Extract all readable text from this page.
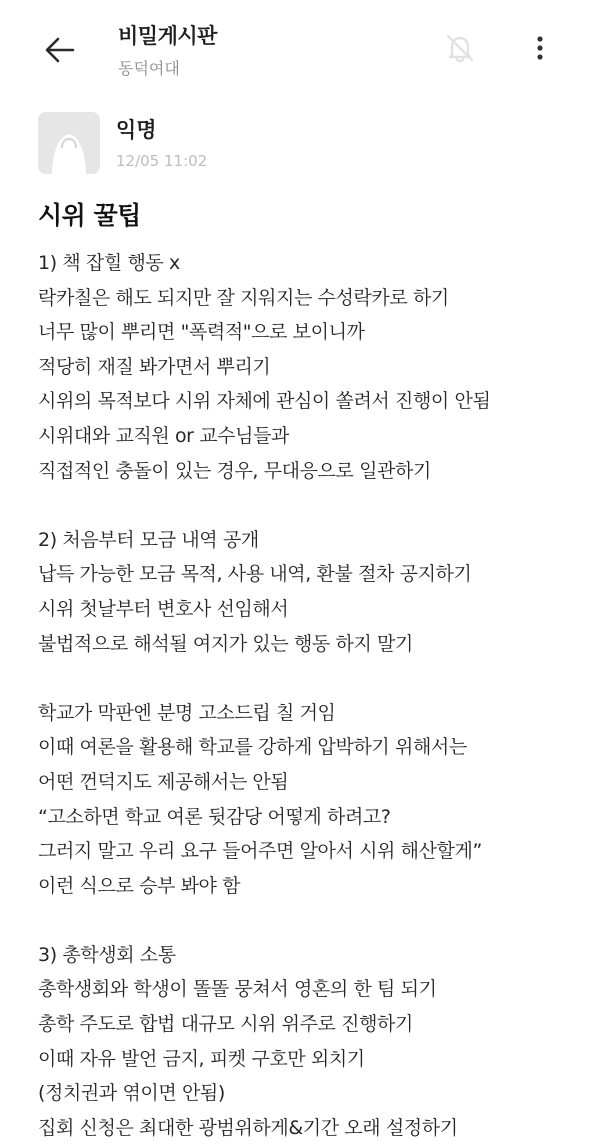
비밀게시판
동덕여대
익명
12/05 11:02
시위 꿀팁
1) 책 잡힐 행동 x
락카칠은 해도 되지만 잘 지워지는 수성락카로 하기
너무 많이 뿌리면 "폭력적"으로 보이니까
적당히 재질 봐가면서 뿌리기
시위의 목적보다 시위 자체에 관심이 쏠려서 진행이 안됨
시위대와 교직원 or 교수님들과
직접적인 충돌이 있는 경우, 무대응으로 일관하기
2) 처음부터 모금 내역 공개
납득 가능한 모금 목적, 사용 내역, 환불 절차 공지하기
시위 첫날부터 변호사 선임해서
불법적으로 해석될 여지가 있는 행동 하지 말기
학교가 막판엔 분명 고소드립 칠 거임
이때 여론을 활용해 학교를 강하게 압박하기 위해서는
어떤 껀덕지도 제공해서는 안됨
“고소하면 학교 여론 뒷감당 어떻게 하려고?
그러지 말고 우리 요구 들어주면 알아서 시위 해산할게”
이런 식으로 승부 봐야 함
3) 총학생회 소통
총학생회와 학생이 똘똘 뭉쳐서 영혼의 한 팀 되기
총학 주도로 합법 대규모 시위 위주로 진행하기
이때 자유 발언 금지, 피켓 구호만 외치기
(정치권과 엮이면 안됨)
집회 신청은 최대한 광범위하게&기간 오래 설정하기
